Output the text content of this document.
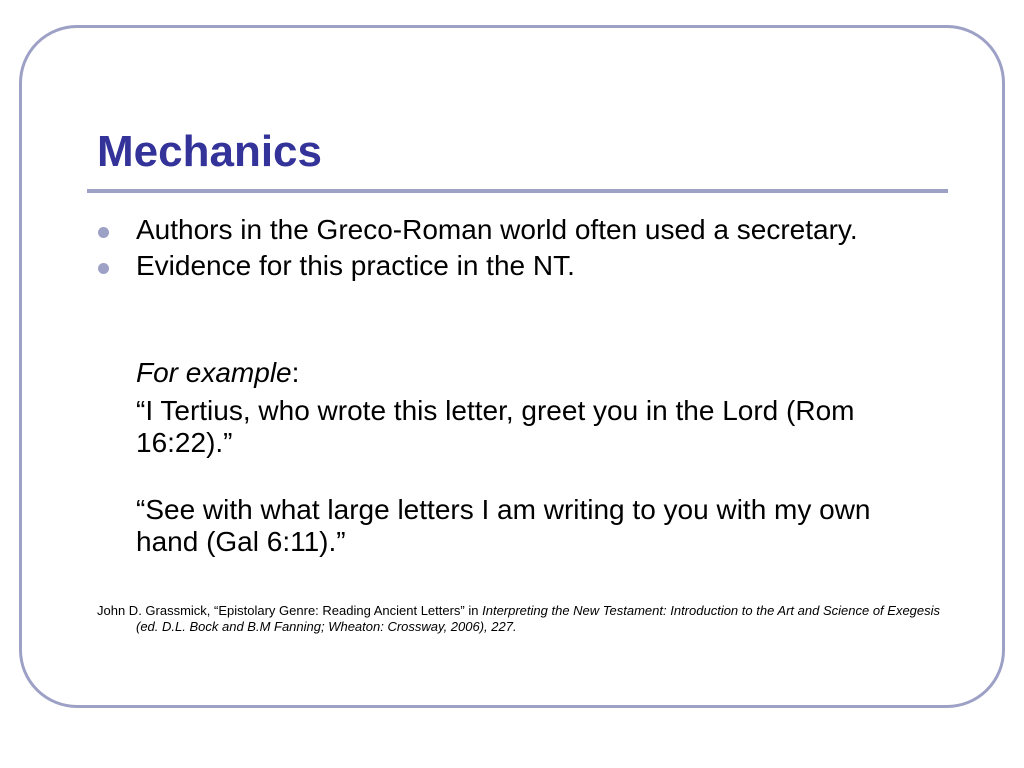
Mechanics
Authors in the Greco-Roman world often used a secretary.
Evidence for this practice in the NT.

For example:

“I Tertius, who wrote this letter, greet you in the Lord (Rom 16:22).”

“See with what large letters I am writing to you with my own hand (Gal 6:11).”

John D. Grassmick, “Epistolary Genre: Reading Ancient Letters” in Interpreting the New Testament: Introduction to the Art and Science of Exegesis (ed. D.L. Bock and B.M Fanning; Wheaton: Crossway, 2006), 227.
